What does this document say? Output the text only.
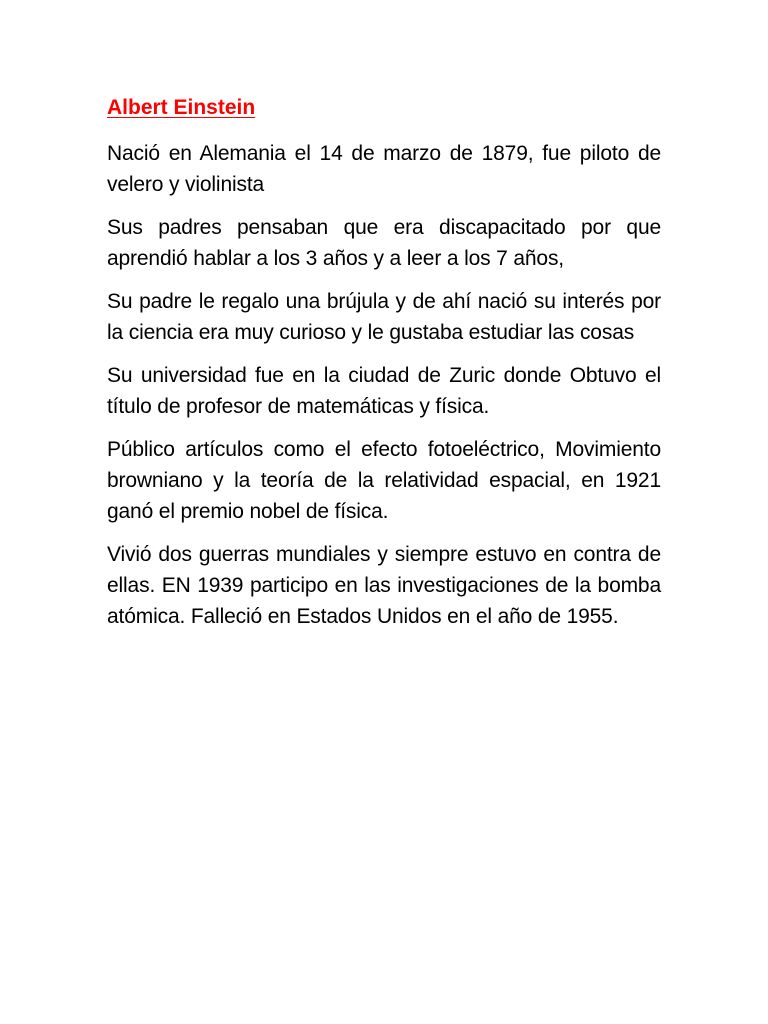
Albert Einstein

Nació en Alemania el 14 de marzo de 1879, fue piloto de velero y violinista

Sus padres pensaban que era discapacitado por que aprendió hablar a los 3 años y a leer a los 7 años,

Su padre le regalo una brújula y de ahí nació su interés por la ciencia era muy curioso y le gustaba estudiar las cosas

Su universidad fue en la ciudad de Zuric donde Obtuvo el título de profesor de matemáticas y física.

Público artículos como el efecto fotoeléctrico, Movimiento browniano y la teoría de la relatividad espacial, en 1921 ganó el premio nobel de física.

Vivió dos guerras mundiales y siempre estuvo en contra de ellas. EN 1939 participo en las investigaciones de la bomba atómica. Falleció en Estados Unidos en el año de 1955.
